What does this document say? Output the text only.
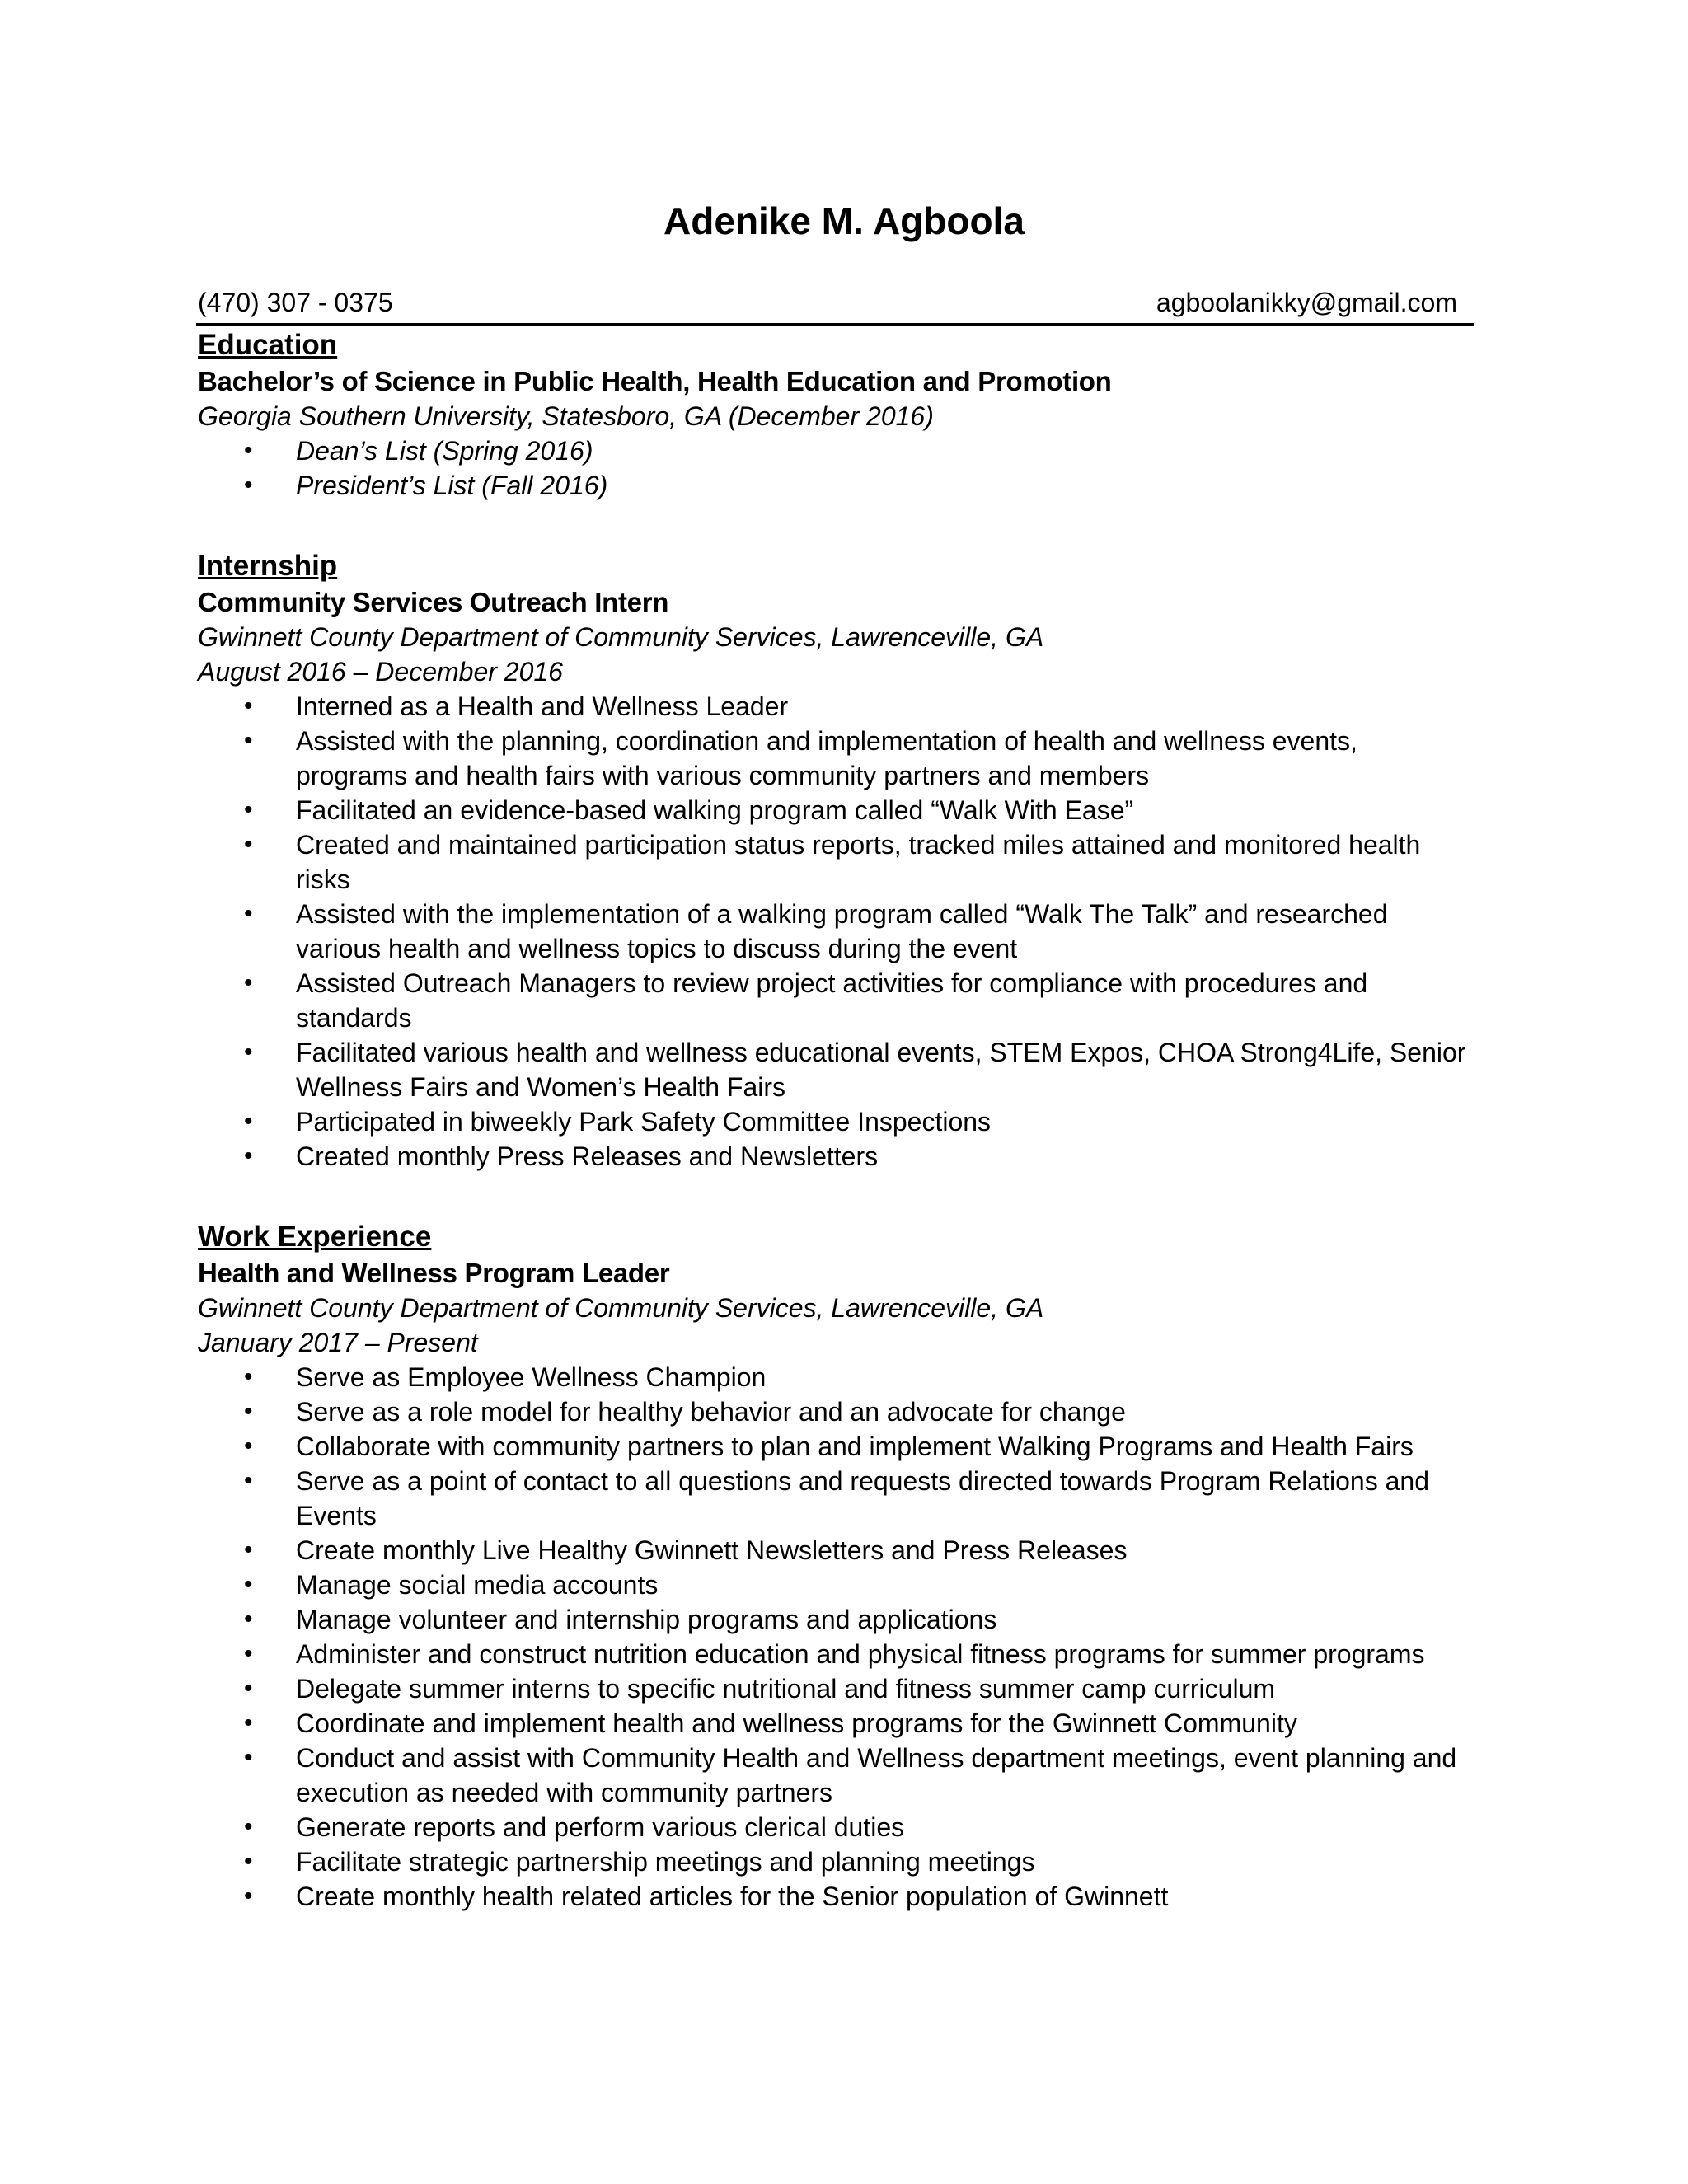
Adenike M. Agboola
(470) 307 - 0375	agboolanikky@gmail.com
Education
Bachelor’s of Science in Public Health, Health Education and Promotion
Georgia Southern University, Statesboro, GA (December 2016)
• Dean’s List (Spring 2016)
• President’s List (Fall 2016)
Internship
Community Services Outreach Intern
Gwinnett County Department of Community Services, Lawrenceville, GA
August 2016 – December 2016
• Interned as a Health and Wellness Leader
• Assisted with the planning, coordination and implementation of health and wellness events, programs and health fairs with various community partners and members
• Facilitated an evidence-based walking program called “Walk With Ease”
• Created and maintained participation status reports, tracked miles attained and monitored health risks
• Assisted with the implementation of a walking program called “Walk The Talk” and researched various health and wellness topics to discuss during the event
• Assisted Outreach Managers to review project activities for compliance with procedures and standards
• Facilitated various health and wellness educational events, STEM Expos, CHOA Strong4Life, Senior Wellness Fairs and Women’s Health Fairs
• Participated in biweekly Park Safety Committee Inspections
• Created monthly Press Releases and Newsletters
Work Experience
Health and Wellness Program Leader
Gwinnett County Department of Community Services, Lawrenceville, GA
January 2017 – Present
• Serve as Employee Wellness Champion
• Serve as a role model for healthy behavior and an advocate for change
• Collaborate with community partners to plan and implement Walking Programs and Health Fairs
• Serve as a point of contact to all questions and requests directed towards Program Relations and Events
• Create monthly Live Healthy Gwinnett Newsletters and Press Releases
• Manage social media accounts
• Manage volunteer and internship programs and applications
• Administer and construct nutrition education and physical fitness programs for summer programs
• Delegate summer interns to specific nutritional and fitness summer camp curriculum
• Coordinate and implement health and wellness programs for the Gwinnett Community
• Conduct and assist with Community Health and Wellness department meetings, event planning and execution as needed with community partners
• Generate reports and perform various clerical duties
• Facilitate strategic partnership meetings and planning meetings
• Create monthly health related articles for the Senior population of Gwinnett
